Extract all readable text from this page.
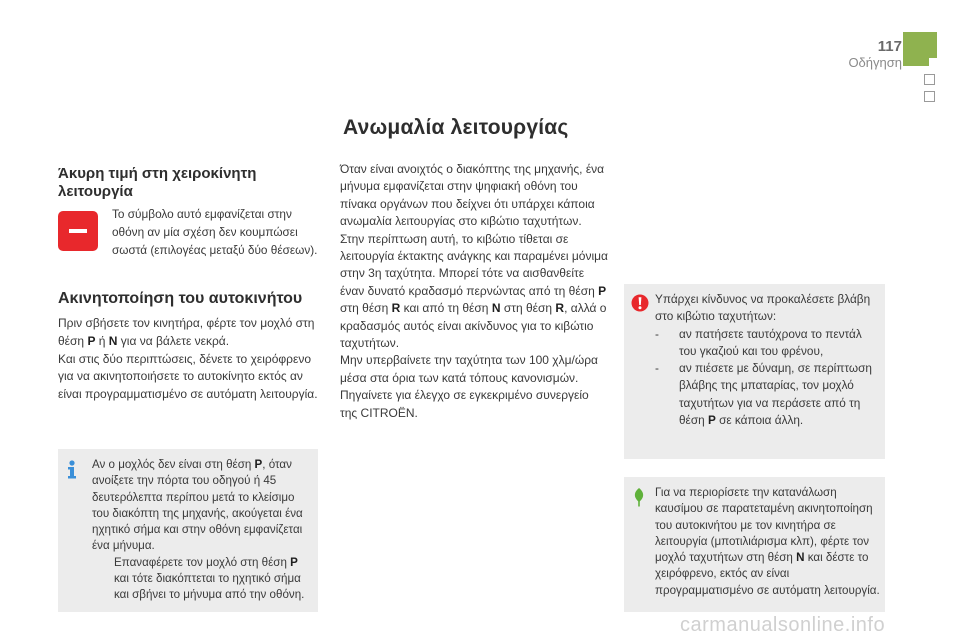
117
Οδήγηση
Ανωμαλία λειτουργίας
Άκυρη τιμή στη χειροκίνητη λειτουργία
Το σύμβολο αυτό εμφανίζεται στην οθόνη αν μία σχέση δεν κουμπώσει σωστά (επιλογέας μεταξύ δύο θέσεων).
Ακινητοποίηση του αυτοκινήτου

Πριν σβήσετε τον κινητήρα, φέρτε τον μοχλό στη θέση P ή N για να βάλετε νεκρά.

Και στις δύο περιπτώσεις, δένετε το χειρόφρενο για να ακινητοποιήσετε το αυτοκίνητο εκτός αν είναι προγραμματισμένο σε αυτόματη λειτουργία.

Αν ο μοχλός δεν είναι στη θέση P, όταν ανοίξετε την πόρτα του οδηγού ή 45 δευτερόλεπτα περίπου μετά το κλείσιμο του διακόπτη της μηχανής, ακούγεται ένα ηχητικό σήμα και στην οθόνη εμφανίζεται ένα μήνυμα.

Επαναφέρετε τον μοχλό στη θέση P και τότε διακόπτεται το ηχητικό σήμα και σβήνει το μήνυμα από την οθόνη.

Όταν είναι ανοιχτός ο διακόπτης της μηχανής, ένα μήνυμα εμφανίζεται στην ψηφιακή οθόνη του πίνακα οργάνων που δείχνει ότι υπάρχει κάποια ανωμαλία λειτουργίας στο κιβώτιο ταχυτήτων.

Στην περίπτωση αυτή, το κιβώτιο τίθεται σε λειτουργία έκτακτης ανάγκης και παραμένει μόνιμα στην 3η ταχύτητα. Μπορεί τότε να αισθανθείτε έναν δυνατό κραδασμό περνώντας από τη θέση P στη θέση R και από τη θέση N στη θέση R, αλλά ο κραδασμός αυτός είναι ακίνδυνος για το κιβώτιο ταχυτήτων.

Μην υπερβαίνετε την ταχύτητα των 100 χλμ/ώρα μέσα στα όρια των κατά τόπους κανονισμών.

Πηγαίνετε για έλεγχο σε εγκεκριμένο συνεργείο της CITROËN.

Υπάρχει κίνδυνος να προκαλέσετε βλάβη στο κιβώτιο ταχυτήτων:

-	αν πατήσετε ταυτόχρονα το πεντάλ του γκαζιού και του φρένου,
-	αν πιέσετε με δύναμη, σε περίπτωση βλάβης της μπαταρίας, τον μοχλό ταχυτήτων για να περάσετε από τη θέση P σε κάποια άλλη.

Για να περιορίσετε την κατανάλωση καυσίμου σε παρατεταμένη ακινητοποίηση του αυτοκινήτου με τον κινητήρα σε λειτουργία (μποτιλιάρισμα κλπ), φέρτε τον μοχλό ταχυτήτων στη θέση N και δέστε το χειρόφρενο, εκτός αν είναι προγραμματισμένο σε αυτόματη λειτουργία.

carmanualsonline.info
